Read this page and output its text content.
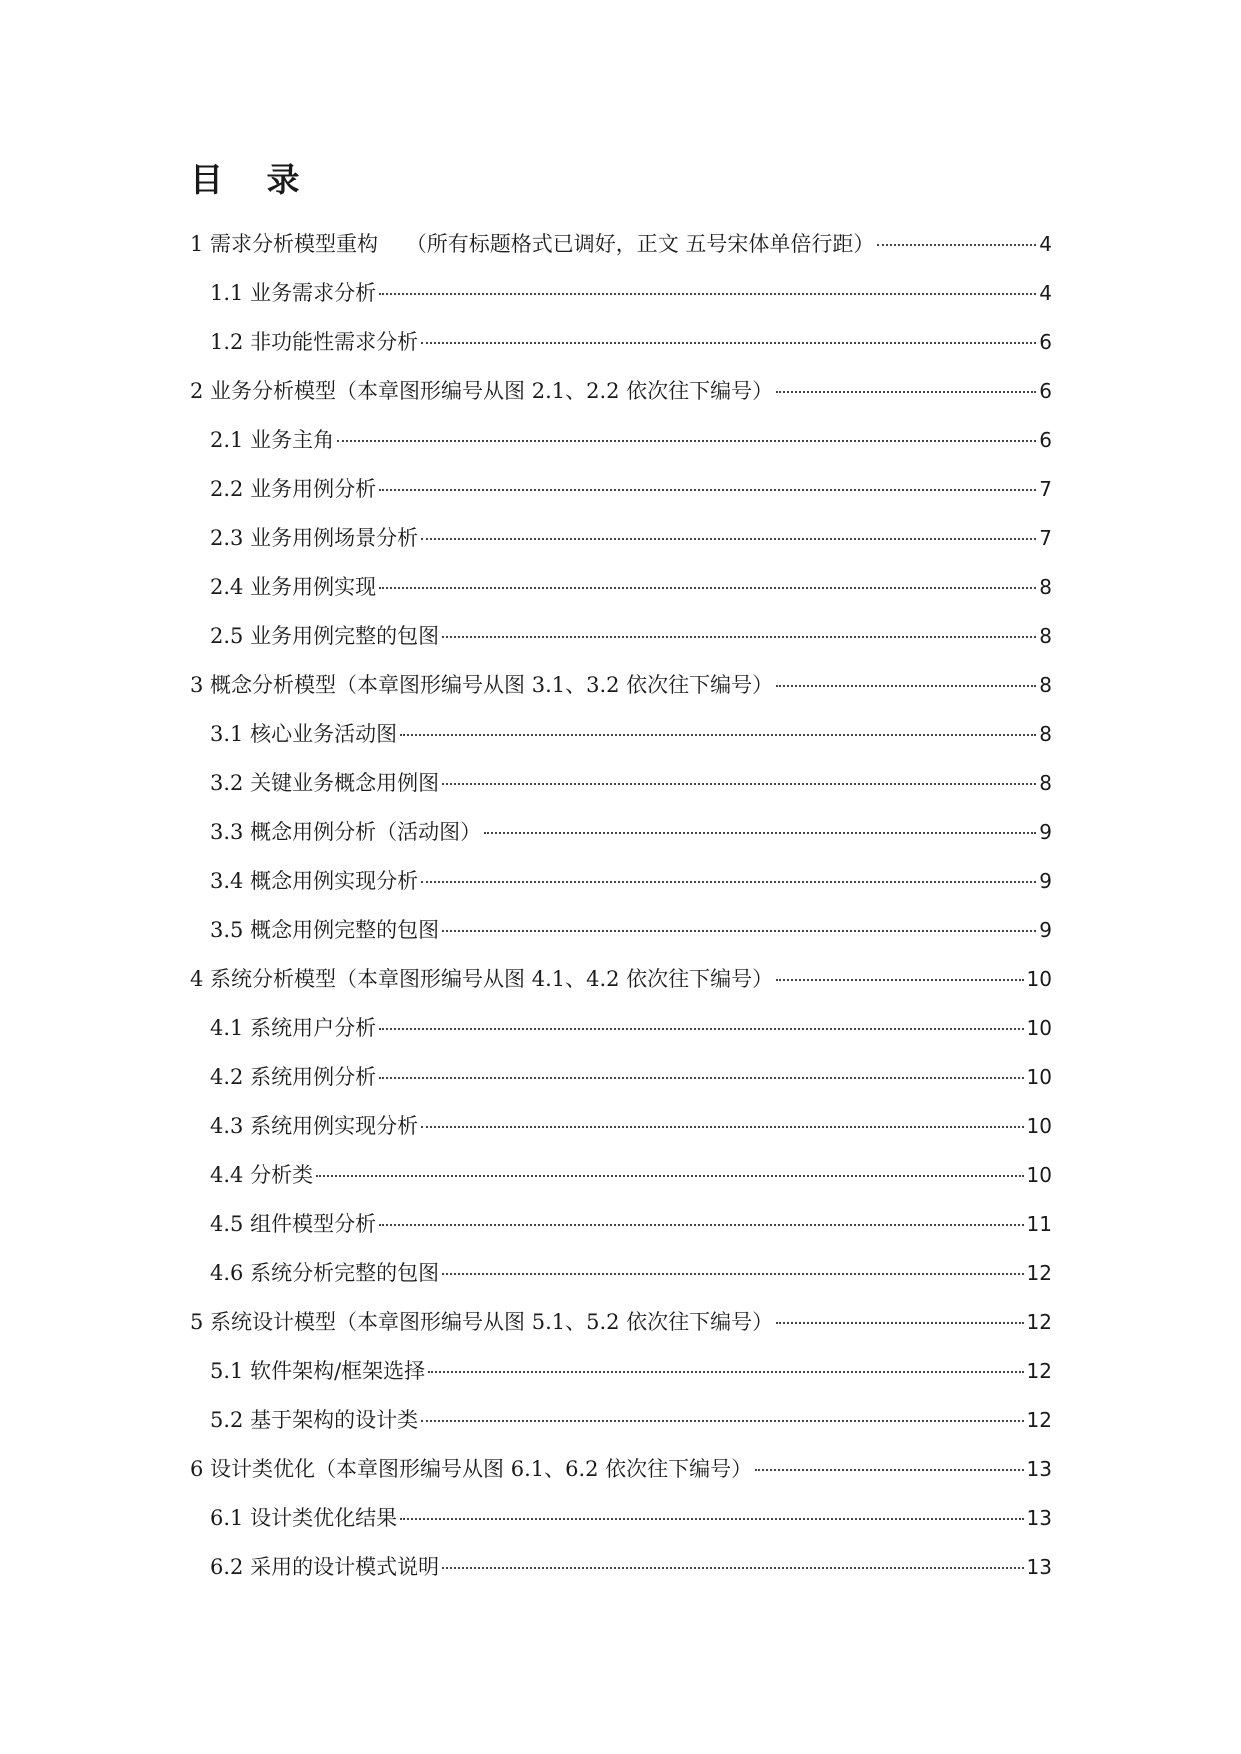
目 录
1 需求分析模型重构　 （所有标题格式已调好，正文 五号宋体单倍行距）	4
1.1 业务需求分析	4
1.2 非功能性需求分析	6
2 业务分析模型（本章图形编号从图 2.1、2.2 依次往下编号）	6
2.1 业务主角	6
2.2 业务用例分析	7
2.3 业务用例场景分析	7
2.4 业务用例实现	8
2.5 业务用例完整的包图	8
3 概念分析模型（本章图形编号从图 3.1、3.2 依次往下编号）	8
3.1 核心业务活动图	8
3.2 关键业务概念用例图	8
3.3 概念用例分析（活动图）	9
3.4 概念用例实现分析	9
3.5 概念用例完整的包图	9
4 系统分析模型（本章图形编号从图 4.1、4.2 依次往下编号）	10
4.1 系统用户分析	10
4.2 系统用例分析	10
4.3 系统用例实现分析	10
4.4 分析类	10
4.5 组件模型分析	11
4.6 系统分析完整的包图	12
5 系统设计模型（本章图形编号从图 5.1、5.2 依次往下编号）	12
5.1 软件架构/框架选择	12
5.2 基于架构的设计类	12
6 设计类优化（本章图形编号从图 6.1、6.2 依次往下编号）	13
6.1 设计类优化结果	13
6.2 采用的设计模式说明	13
